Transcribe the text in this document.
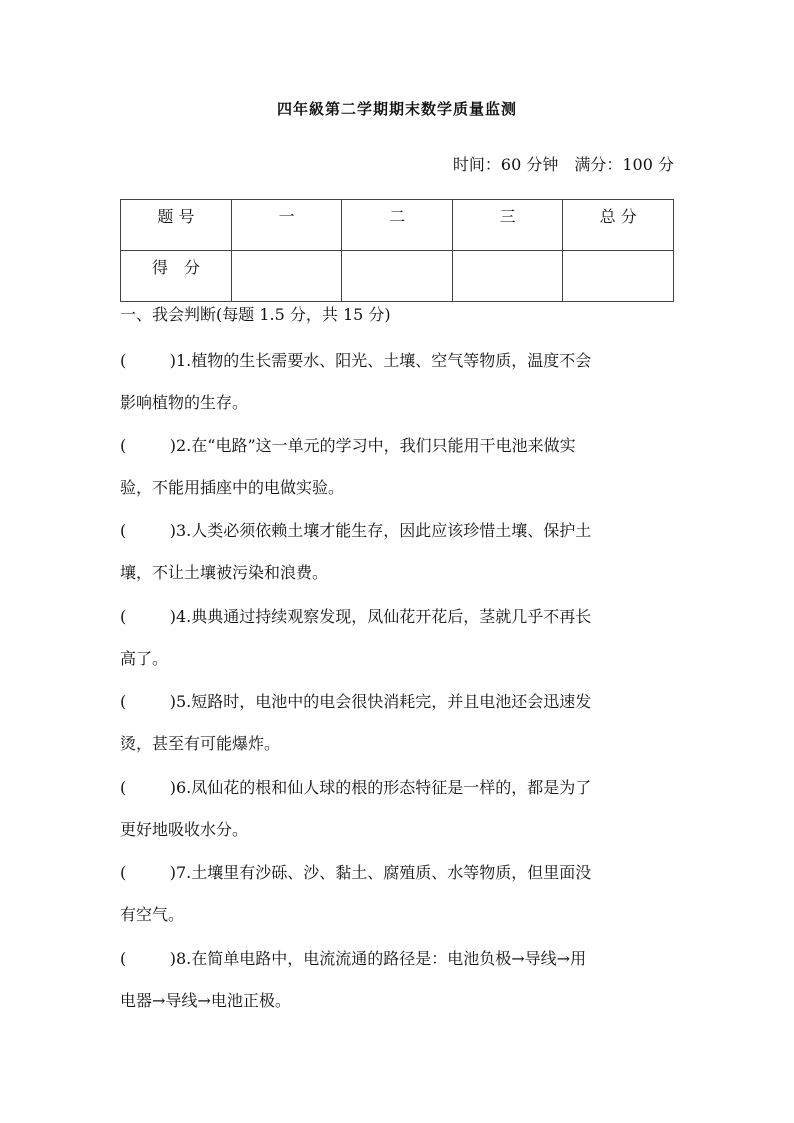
四年級第二学期期末数学质量监测
时间：60 分钟 满分：100 分
题 号	一	二	三	总 分
得　分				
一、我会判断(每题 1.5 分，共 15 分)
(	) 1.植物的生长需要水、阳光、土壤、空气等物质，温度不会
影响植物的生存。
(	) 2.在“电路”这一单元的学习中，我们只能用干电池来做实
验，不能用插座中的电做实验。
(	) 3.人类必须依赖土壤才能生存，因此应该珍惜土壤、保护土
壤，不让土壤被污染和浪费。
(	) 4.典典通过持续观察发现，凤仙花开花后，茎就几乎不再长
高了。
(	) 5.短路时，电池中的电会很快消耗完，并且电池还会迅速发
烫，甚至有可能爆炸。
(	) 6.凤仙花的根和仙人球的根的形态特征是一样的，都是为了
更好地吸收水分。
(	) 7.土壤里有沙砾、沙、黏土、腐殖质、水等物质，但里面没
有空气。
(	) 8.在简单电路中，电流流通的路径是：电池负极→导线→用
电器→导线→电池正极。
